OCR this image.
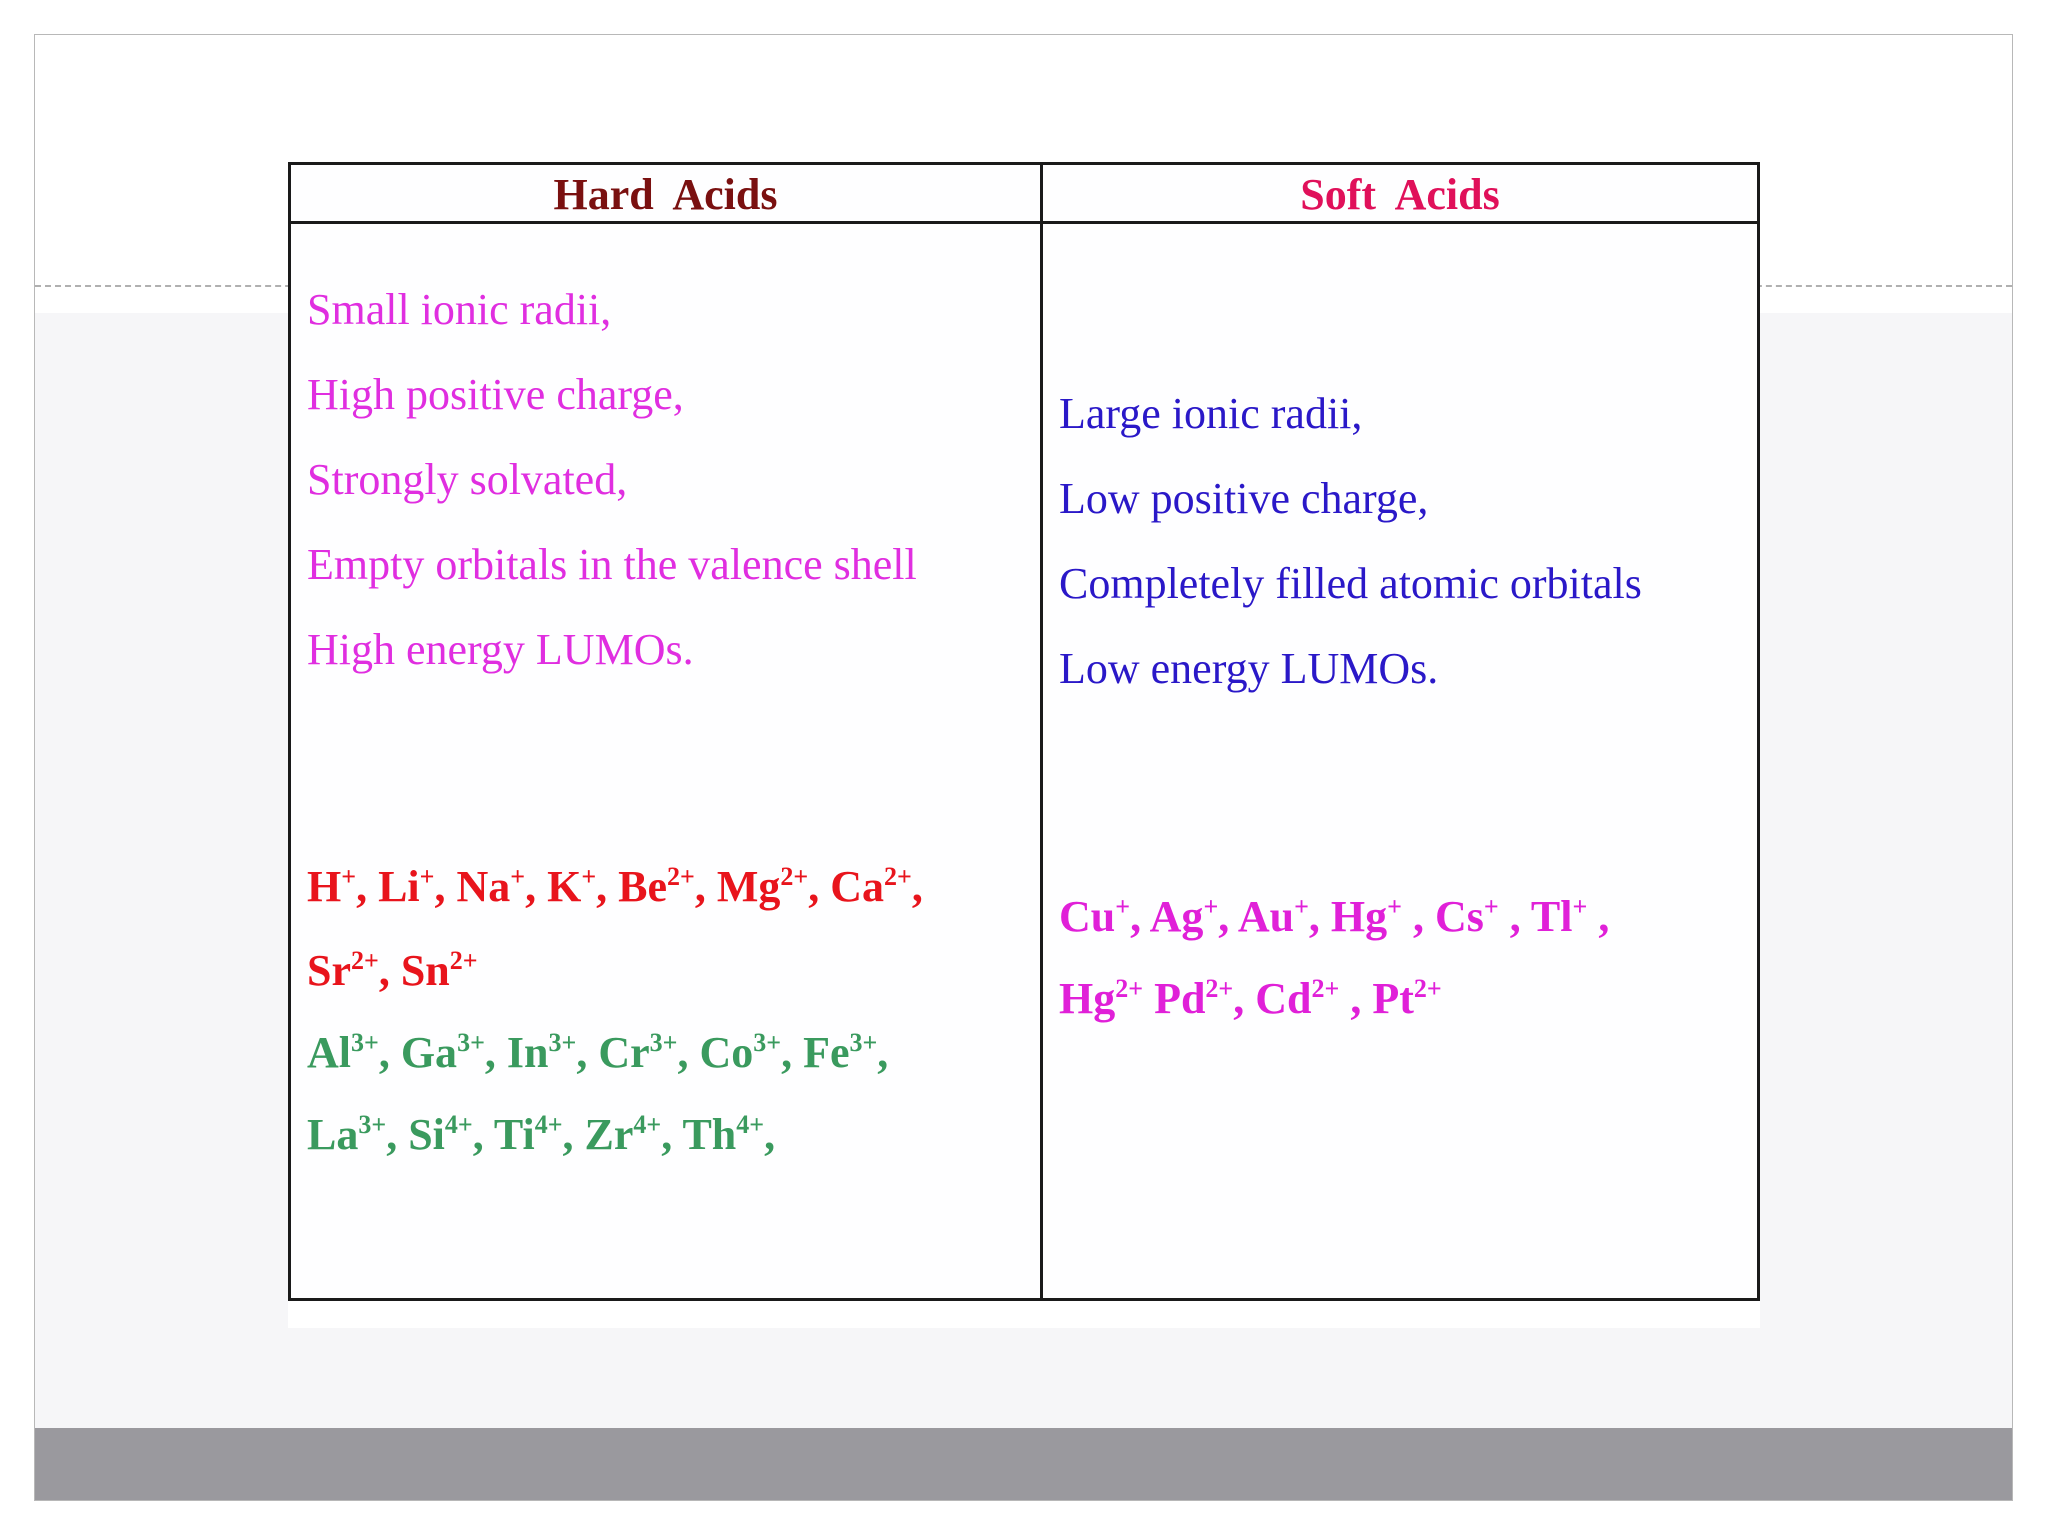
Hard Acids	Soft Acids
Small ionic radii,
High positive charge,
Strongly solvated,
Empty orbitals in the valence shell
High energy LUMOs.
Large ionic radii,
Low positive charge,
Completely filled atomic orbitals
Low energy LUMOs.
H+, Li+, Na+, K+, $Be^{2+}$, $Mg^{2+}$, $Ca^{2+}$,
$Sr^{2+}$, $Sn^{2+}$
$Al^{3+}$, $Ga^{3+}$, $In^{3+}$, $Cr^{3+}$, $Co^{3+}$, $Fe^{3+}$,
$La^{3+}$, $Si^{4+}$, $Ti^{4+}$, $Zr^{4+}$, $Th^{4+}$,
Cu+, Ag+, Au+, Hg+ , Cs+ , Tl+ ,
$Hg^{2+}$ $Pd^{2+}$, $Cd^{2+}$ , $Pt^{2+}$
